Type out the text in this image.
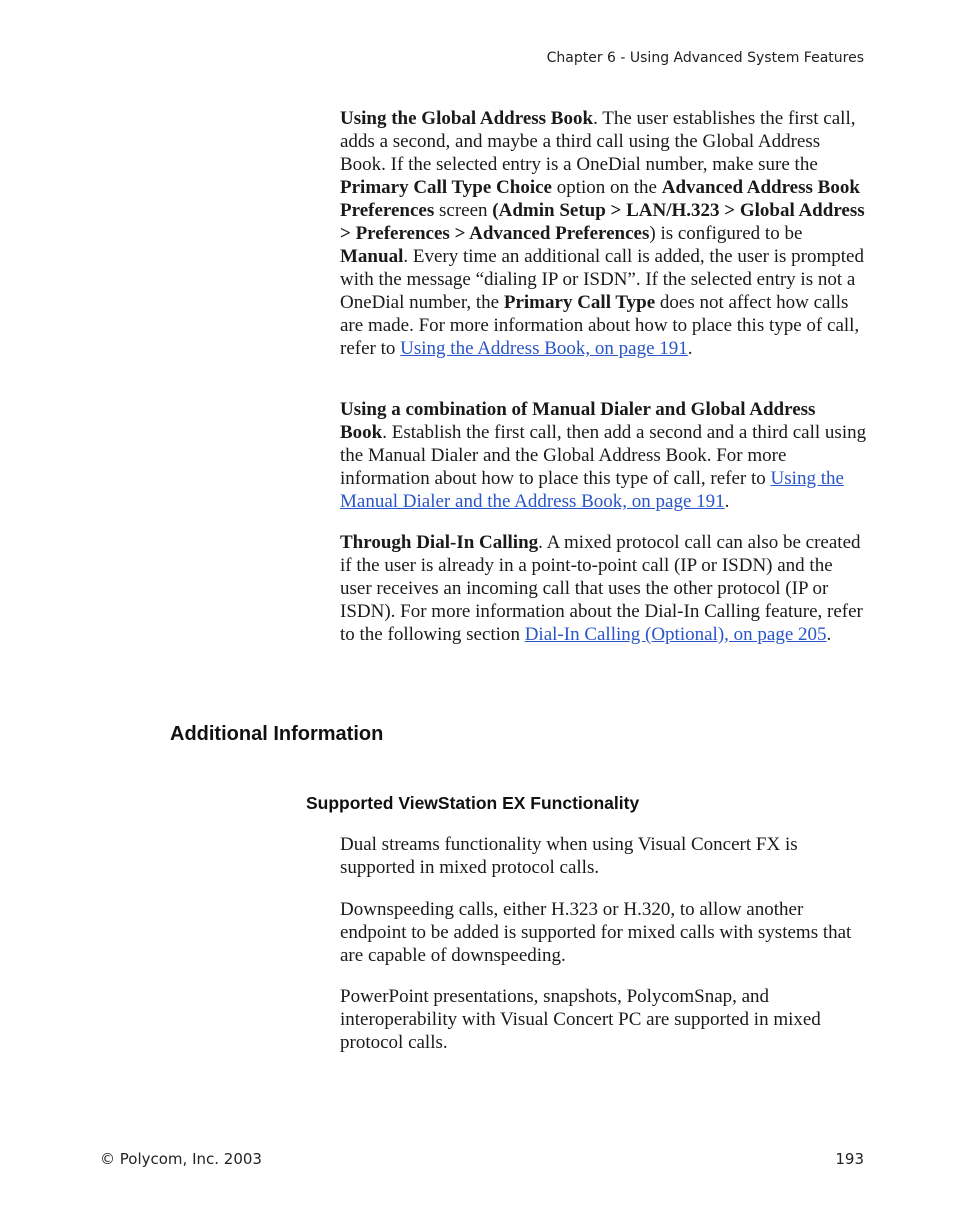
Chapter 6 - Using Advanced System Features

Using the Global Address Book. The user establishes the first call, adds a second, and maybe a third call using the Global Address Book. If the selected entry is a OneDial number, make sure the Primary Call Type Choice option on the Advanced Address Book Preferences screen (Admin Setup > LAN/H.323 > Global Address > Preferences > Advanced Preferences) is configured to be Manual. Every time an additional call is added, the user is prompted with the message “dialing IP or ISDN”. If the selected entry is not a OneDial number, the Primary Call Type does not affect how calls are made. For more information about how to place this type of call, refer to Using the Address Book, on page 191.

Using a combination of Manual Dialer and Global Address Book. Establish the first call, then add a second and a third call using the Manual Dialer and the Global Address Book. For more information about how to place this type of call, refer to Using the Manual Dialer and the Address Book, on page 191.

Through Dial-In Calling. A mixed protocol call can also be created if the user is already in a point-to-point call (IP or ISDN) and the user receives an incoming call that uses the other protocol (IP or ISDN). For more information about the Dial-In Calling feature, refer to the following section Dial-In Calling (Optional), on page 205.

Additional Information
Supported ViewStation EX Functionality

Dual streams functionality when using Visual Concert FX is supported in mixed protocol calls.

Downspeeding calls, either H.323 or H.320, to allow another endpoint to be added is supported for mixed calls with systems that are capable of downspeeding.

PowerPoint presentations, snapshots, PolycomSnap, and interoperability with Visual Concert PC are supported in mixed protocol calls.

© Polycom, Inc. 2003	193
